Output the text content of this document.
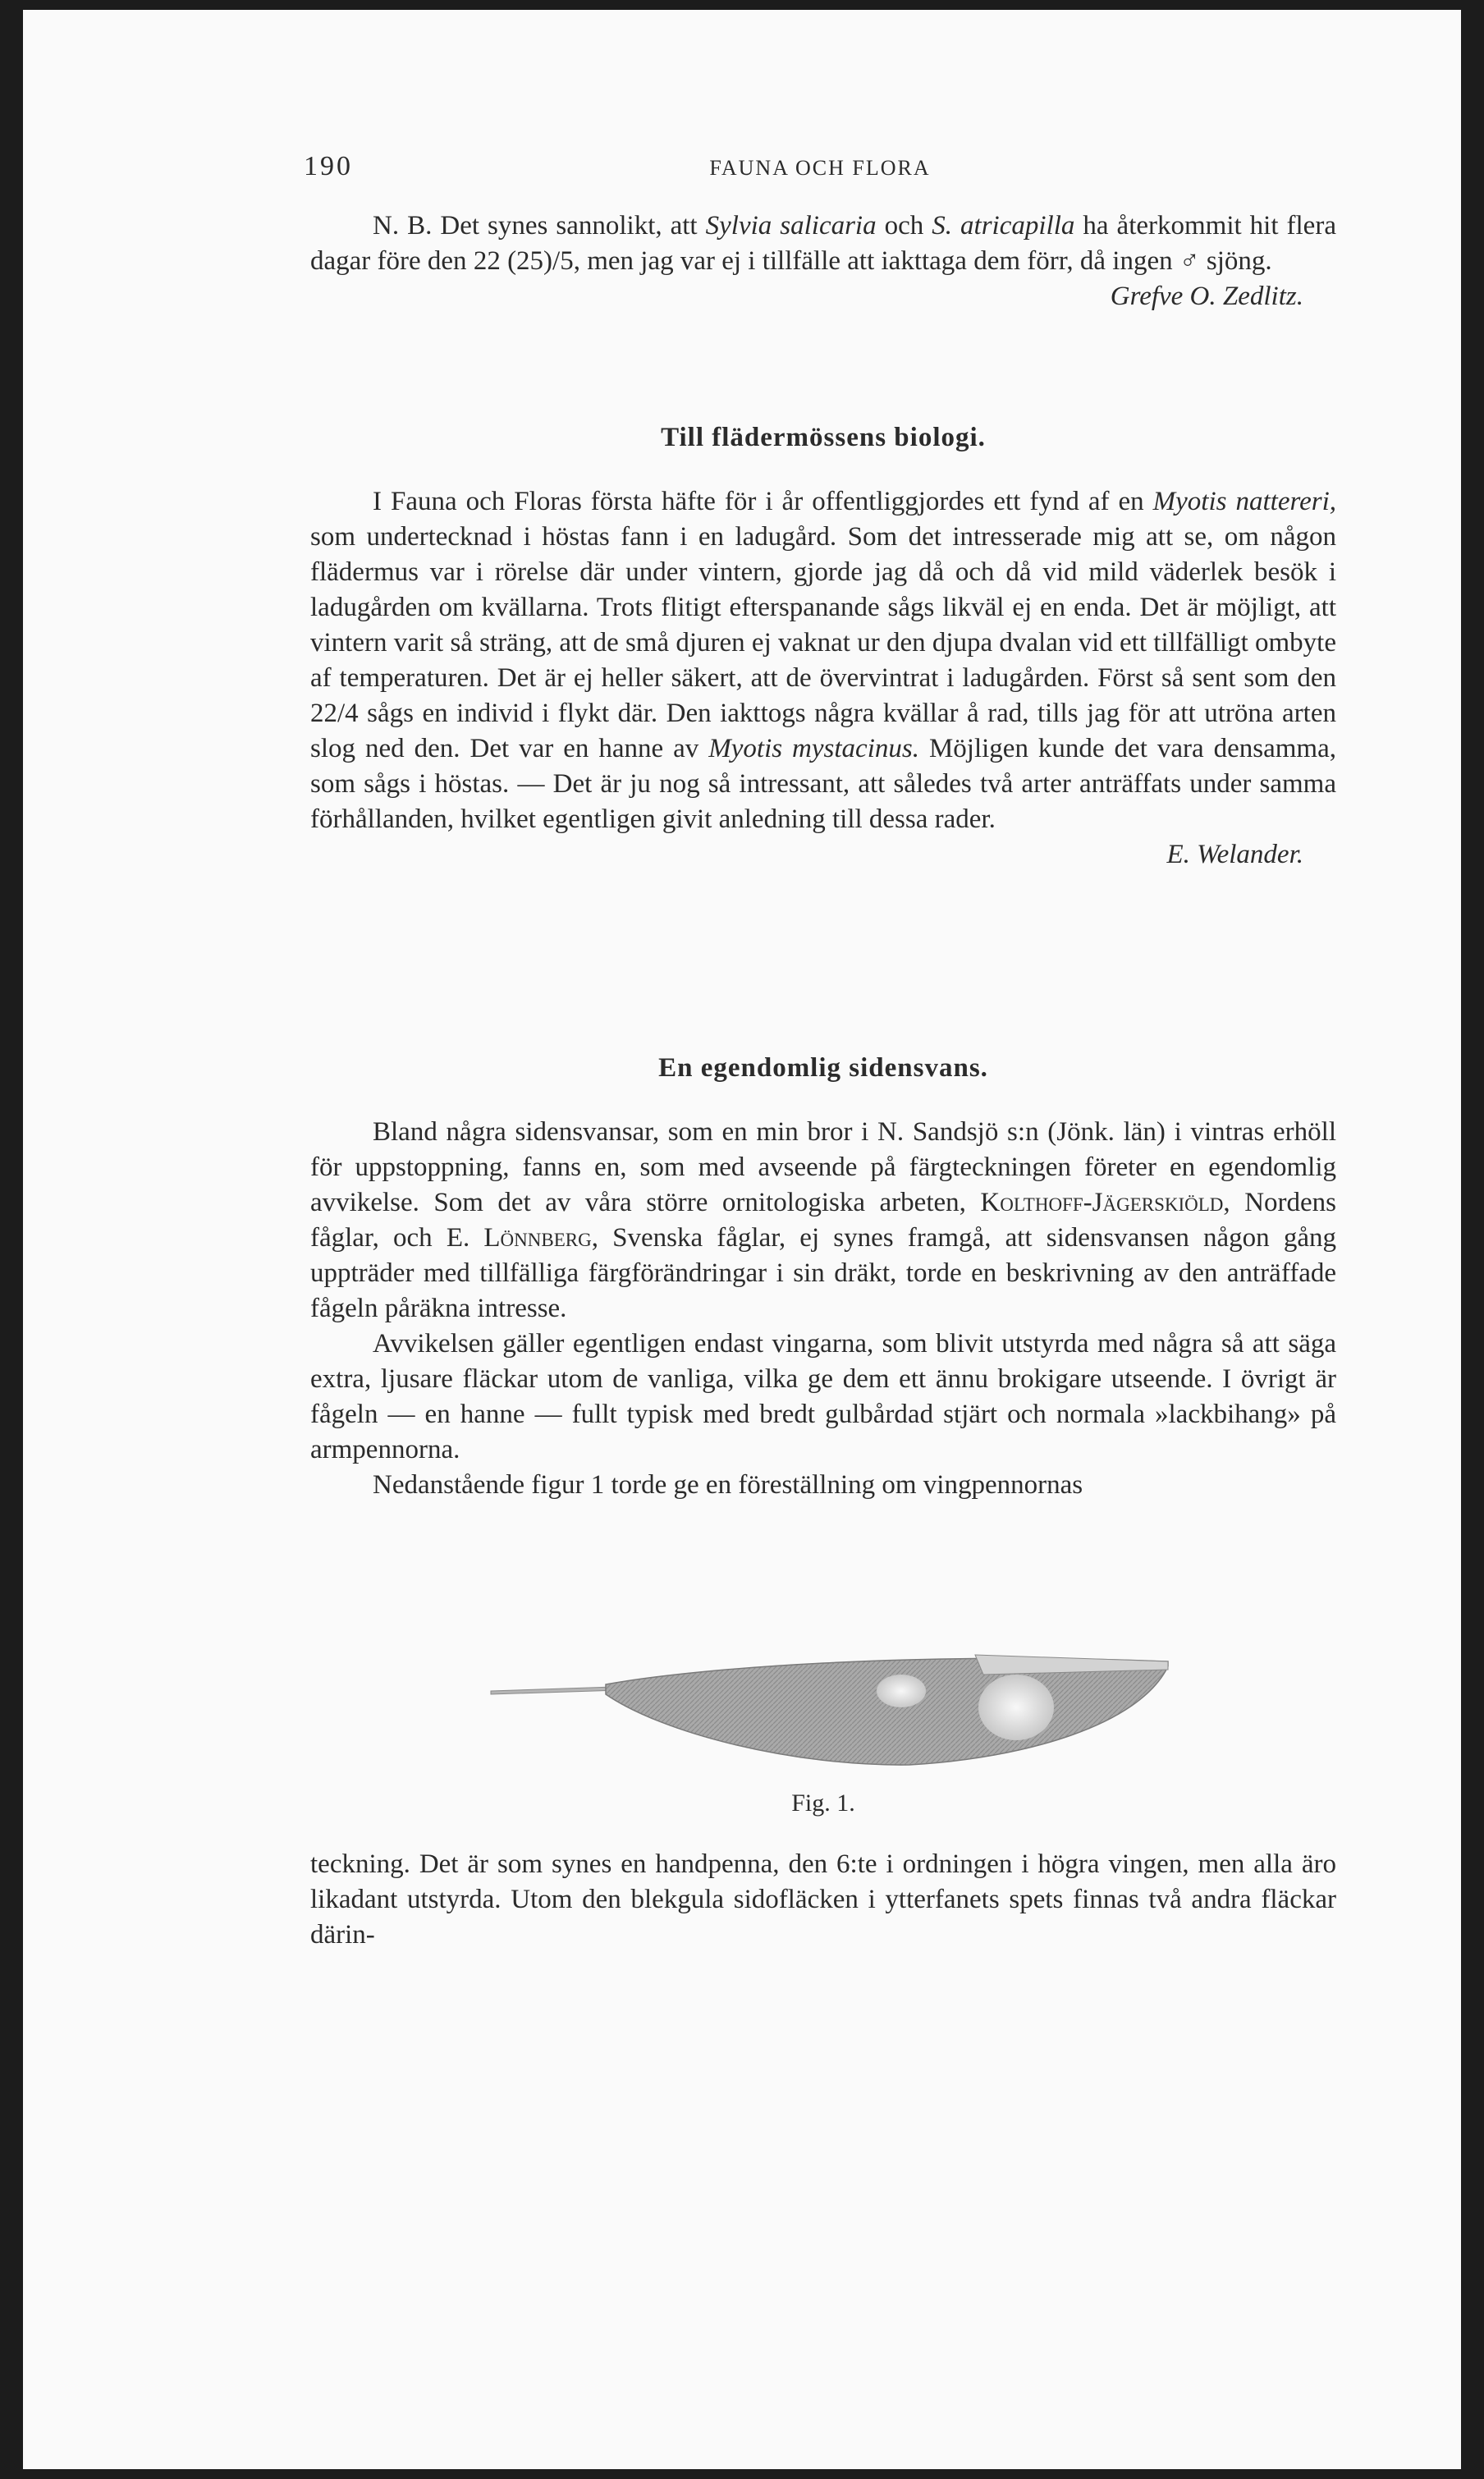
190	FAUNA OCH FLORA

N. B. Det synes sannolikt, att Sylvia salicaria och S. atricapilla ha återkommit hit flera dagar före den 22 (25)/5, men jag var ej i tillfälle att iakttaga dem förr, då ingen ♂ sjöng.

Grefve O. Zedlitz.

Till flädermössens biologi.

I Fauna och Floras första häfte för i år offentliggjordes ett fynd af en Myotis nattereri, som undertecknad i höstas fann i en ladugård. Som det intresserade mig att se, om någon flädermus var i rörelse där under vintern, gjorde jag då och då vid mild väderlek besök i ladugården om kvällarna. Trots flitigt efterspanande sågs likväl ej en enda. Det är möjligt, att vintern varit så sträng, att de små djuren ej vaknat ur den djupa dvalan vid ett tillfälligt ombyte af temperaturen. Det är ej heller säkert, att de övervintrat i ladugården. Först så sent som den 22/4 sågs en individ i flykt där. Den iakttogs några kvällar å rad, tills jag för att utröna arten slog ned den. Det var en hanne av Myotis mystacinus. Möjligen kunde det vara densamma, som sågs i höstas. — Det är ju nog så intressant, att således två arter anträffats under samma förhållanden, hvilket egentligen givit anledning till dessa rader.

E. Welander.

En egendomlig sidensvans.

Bland några sidensvansar, som en min bror i N. Sandsjö s:n (Jönk. län) i vintras erhöll för uppstoppning, fanns en, som med avseende på färgteckningen företer en egendomlig avvikelse. Som det av våra större ornitologiska arbeten, Kolthoff-Jägerskiöld, Nordens fåglar, och E. Lönnberg, Svenska fåglar, ej synes framgå, att sidensvansen någon gång uppträder med tillfälliga färgförändringar i sin dräkt, torde en beskrivning av den anträffade fågeln påräkna intresse.

Avvikelsen gäller egentligen endast vingarna, som blivit utstyrda med några så att säga extra, ljusare fläckar utom de vanliga, vilka ge dem ett ännu brokigare utseende. I övrigt är fågeln — en hanne — fullt typisk med bredt gulbårdad stjärt och normala »lackbihang» på armpennorna.

Nedanstående figur 1 torde ge en föreställning om vingpennornas

Fig. 1.

teckning. Det är som synes en handpenna, den 6:te i ordningen i högra vingen, men alla äro likadant utstyrda. Utom den blekgula sidofläcken i ytterfanets spets finnas två andra fläckar därin-
